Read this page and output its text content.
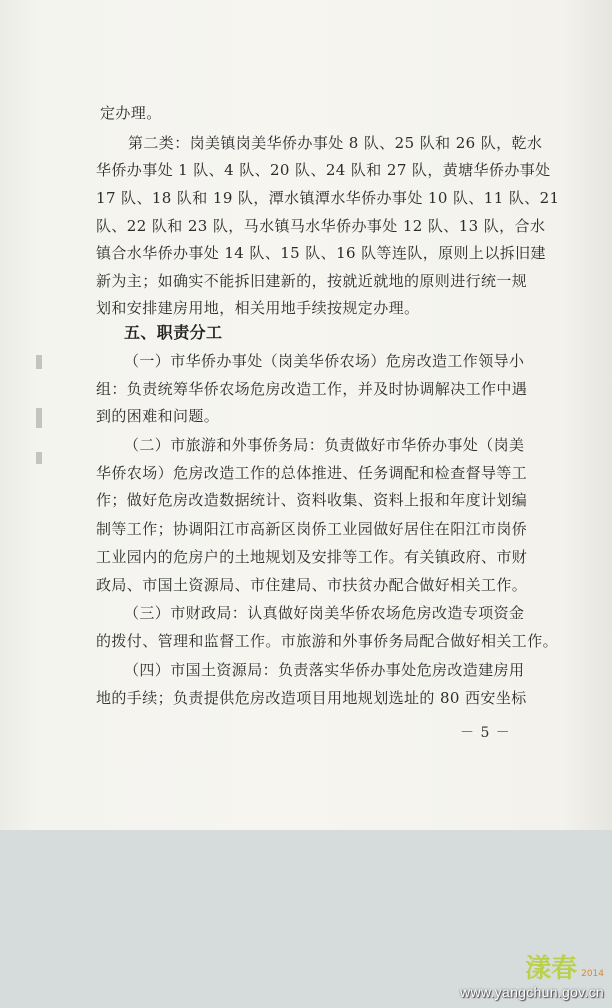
定办理。
第二类：岗美镇岗美华侨办事处 8 队、25 队和 26 队，乾水
华侨办事处 1 队、4 队、20 队、24 队和 27 队，黄塘华侨办事处
17 队、18 队和 19 队，潭水镇潭水华侨办事处 10 队、11 队、21
队、22 队和 23 队，马水镇马水华侨办事处 12 队、13 队，合水
镇合水华侨办事处 14 队、15 队、16 队等连队，原则上以拆旧建
新为主；如确实不能拆旧建新的，按就近就地的原则进行统一规
划和安排建房用地，相关用地手续按规定办理。
五、职责分工
（一）市华侨办事处（岗美华侨农场）危房改造工作领导小
组：负责统筹华侨农场危房改造工作，并及时协调解决工作中遇
到的困难和问题。
（二）市旅游和外事侨务局：负责做好市华侨办事处（岗美
华侨农场）危房改造工作的总体推进、任务调配和检查督导等工
作；做好危房改造数据统计、资料收集、资料上报和年度计划编
制等工作；协调阳江市高新区岗侨工业园做好居住在阳江市岗侨
工业园内的危房户的土地规划及安排等工作。有关镇政府、市财
政局、市国土资源局、市住建局、市扶贫办配合做好相关工作。
（三）市财政局：认真做好岗美华侨农场危房改造专项资金
的拨付、管理和监督工作。市旅游和外事侨务局配合做好相关工作。
（四）市国土资源局：负责落实华侨办事处危房改造建房用
地的手续；负责提供危房改造项目用地规划选址的 80 西安坐标
－ 5 －
漾春 2014
www.yangchun.gov.cn
